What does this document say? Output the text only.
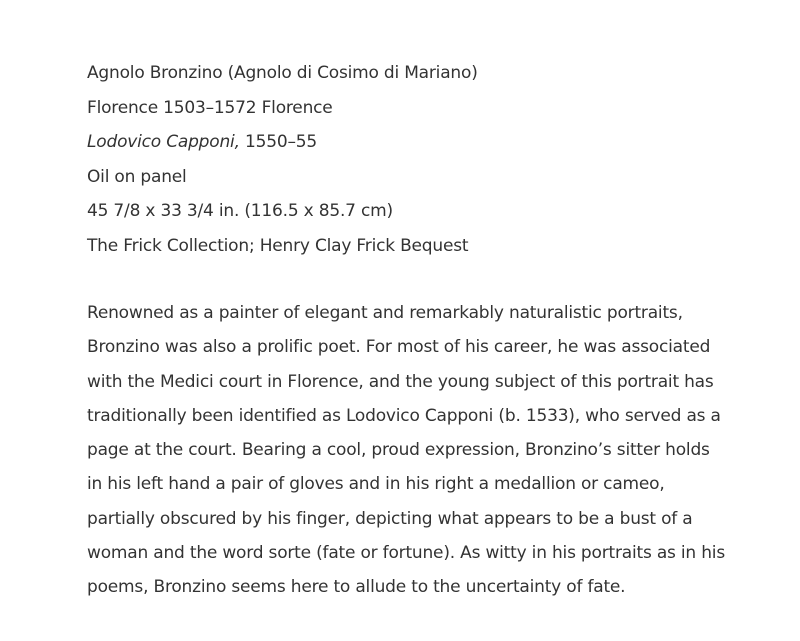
Agnolo Bronzino (Agnolo di Cosimo di Mariano)
Florence 1503–1572 Florence
Lodovico Capponi, 1550–55
Oil on panel
45 7/8 x 33 3/4 in. (116.5 x 85.7 cm)
The Frick Collection; Henry Clay Frick Bequest
Renowned as a painter of elegant and remarkably naturalistic portraits,
Bronzino was also a prolific poet. For most of his career, he was associated
with the Medici court in Florence, and the young subject of this portrait has
traditionally been identified as Lodovico Capponi (b. 1533), who served as a
page at the court. Bearing a cool, proud expression, Bronzino’s sitter holds
in his left hand a pair of gloves and in his right a medallion or cameo,
partially obscured by his finger, depicting what appears to be a bust of a
woman and the word sorte (fate or fortune). As witty in his portraits as in his
poems, Bronzino seems here to allude to the uncertainty of fate.
